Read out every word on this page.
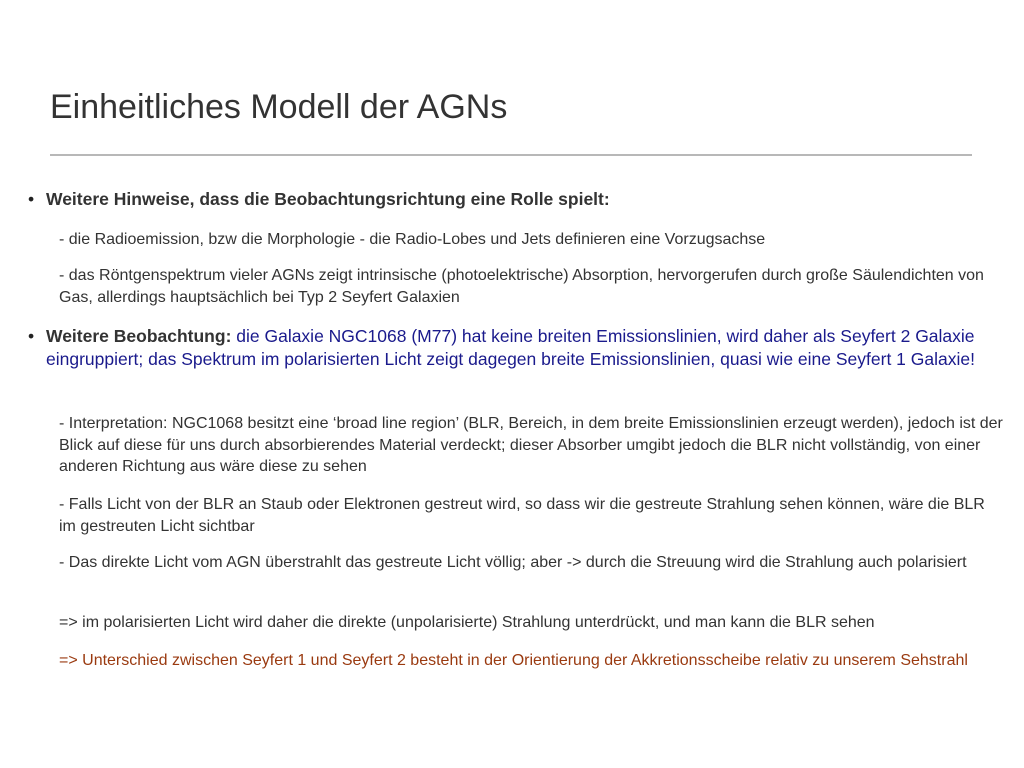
Einheitliches Modell der AGNs
• Weitere Hinweise, dass die Beobachtungsrichtung eine Rolle spielt:
- die Radioemission, bzw die Morphologie - die Radio-Lobes und Jets definieren eine Vorzugsachse
- das Röntgenspektrum vieler AGNs zeigt intrinsische (photoelektrische) Absorption, hervorgerufen durch große Säulendichten von Gas, allerdings hauptsächlich bei Typ 2 Seyfert Galaxien
• Weitere Beobachtung: die Galaxie NGC1068 (M77) hat keine breiten Emissionslinien, wird daher als Seyfert 2 Galaxie eingruppiert; das Spektrum im polarisierten Licht zeigt dagegen breite Emissionslinien, quasi wie eine Seyfert 1 Galaxie!
- Interpretation: NGC1068 besitzt eine ‘broad line region’ (BLR, Bereich, in dem breite Emissionslinien erzeugt werden), jedoch ist der Blick auf diese für uns durch absorbierendes Material verdeckt; dieser Absorber umgibt jedoch die BLR nicht vollständig, von einer anderen Richtung aus wäre diese zu sehen
- Falls Licht von der BLR an Staub oder Elektronen gestreut wird, so dass wir die gestreute Strahlung sehen können, wäre die BLR im gestreuten Licht sichtbar
- Das direkte Licht vom AGN überstrahlt das gestreute Licht völlig; aber -> durch die Streuung wird die Strahlung auch polarisiert
=> im polarisierten Licht wird daher die direkte (unpolarisierte) Strahlung unterdrückt, und man kann die BLR sehen
=> Unterschied zwischen Seyfert 1 und Seyfert 2 besteht in der Orientierung der Akkretionsscheibe relativ zu unserem Sehstrahl
